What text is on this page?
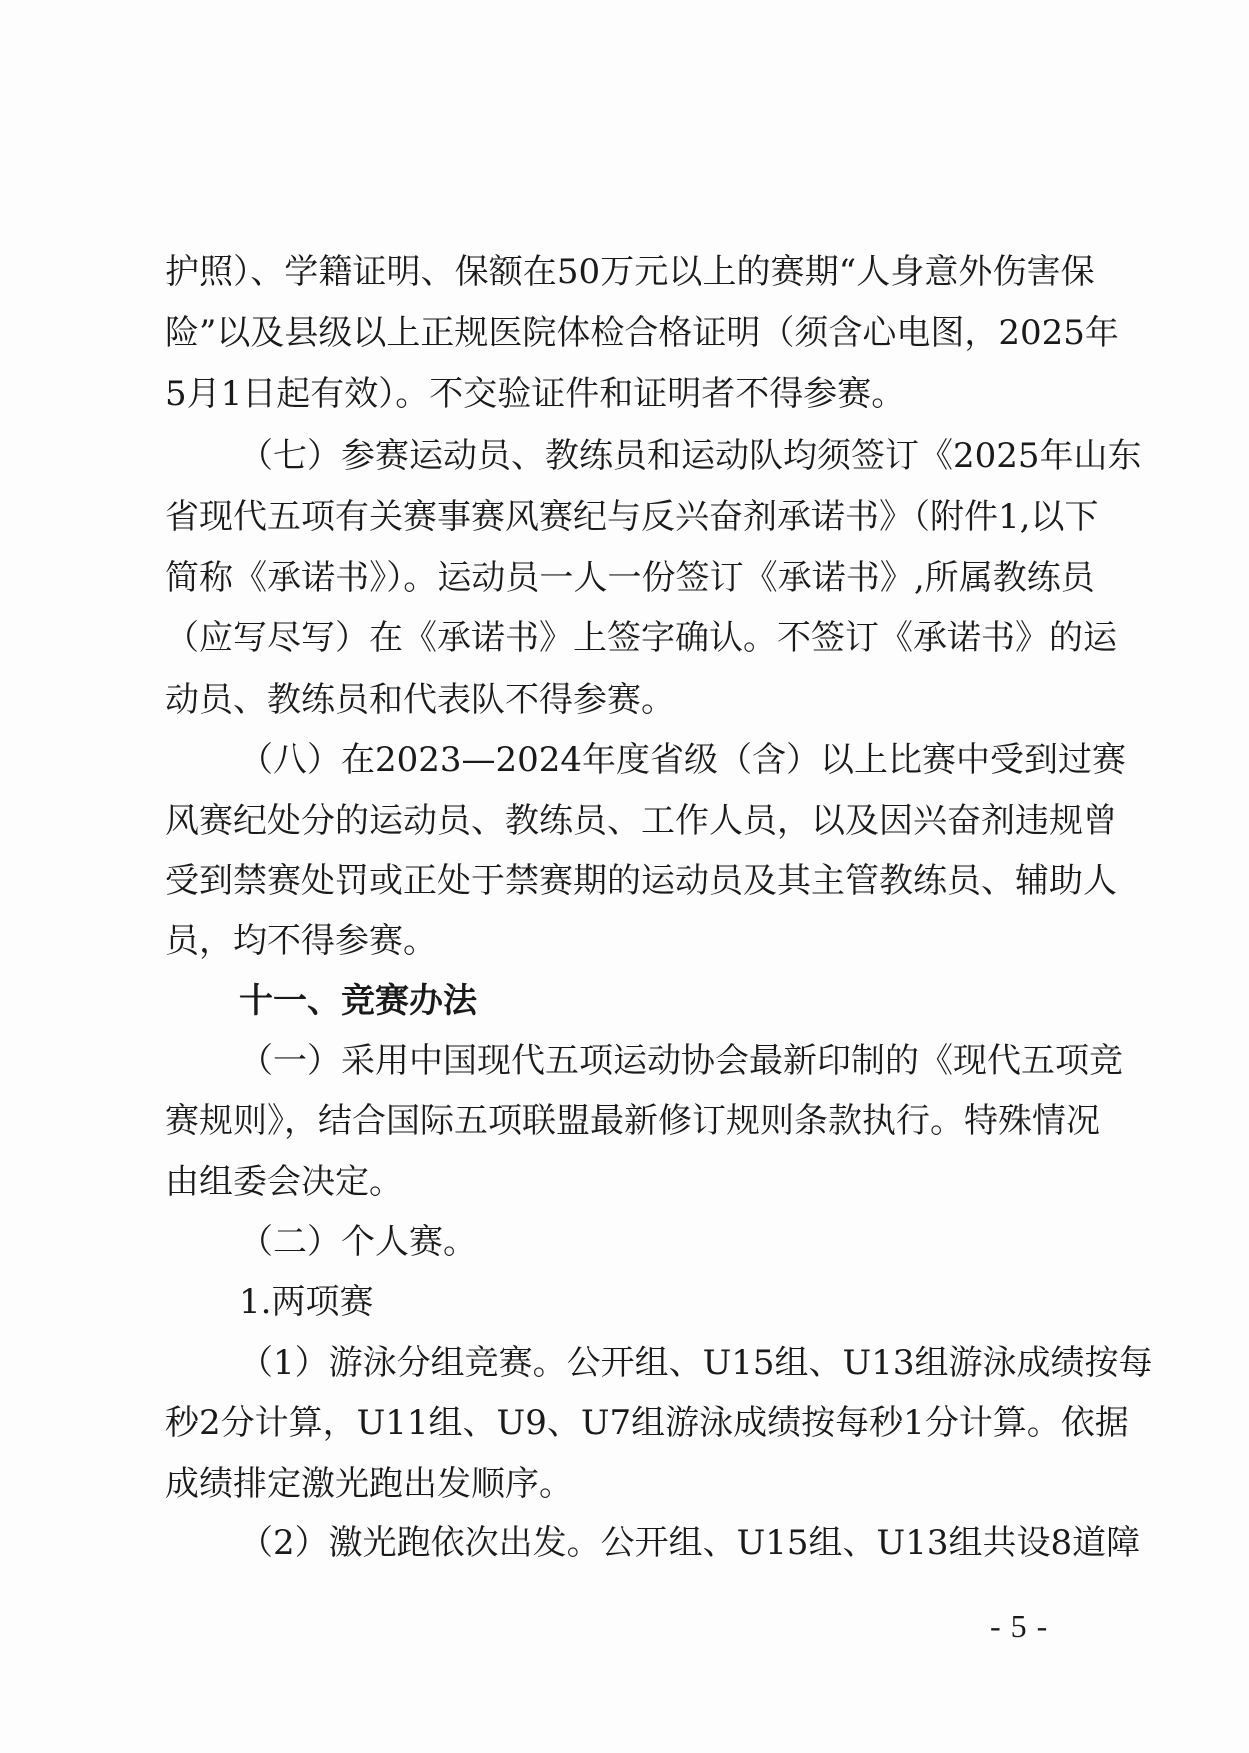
护照）、学籍证明、保额在50万元以上的赛期“人身意外伤害保
险”以及县级以上正规医院体检合格证明（须含心电图，2025年
5月1日起有效）。不交验证件和证明者不得参赛。
（七）参赛运动员、教练员和运动队均须签订《2025年山东
省现代五项有关赛事赛风赛纪与反兴奋剂承诺书》（附件1,以下
简称《承诺书》）。运动员一人一份签订《承诺书》,所属教练员
（应写尽写）在《承诺书》上签字确认。不签订《承诺书》的运
动员、教练员和代表队不得参赛。
（八）在2023—2024年度省级（含）以上比赛中受到过赛
风赛纪处分的运动员、教练员、工作人员，以及因兴奋剂违规曾
受到禁赛处罚或正处于禁赛期的运动员及其主管教练员、辅助人
员，均不得参赛。
十一、竞赛办法
（一）采用中国现代五项运动协会最新印制的《现代五项竞
赛规则》，结合国际五项联盟最新修订规则条款执行。特殊情况
由组委会决定。
（二）个人赛。
1.两项赛
（1）游泳分组竞赛。公开组、U15组、U13组游泳成绩按每
秒2分计算，U11组、U9、U7组游泳成绩按每秒1分计算。依据
成绩排定激光跑出发顺序。
（2）激光跑依次出发。公开组、U15组、U13组共设8道障
-5-
